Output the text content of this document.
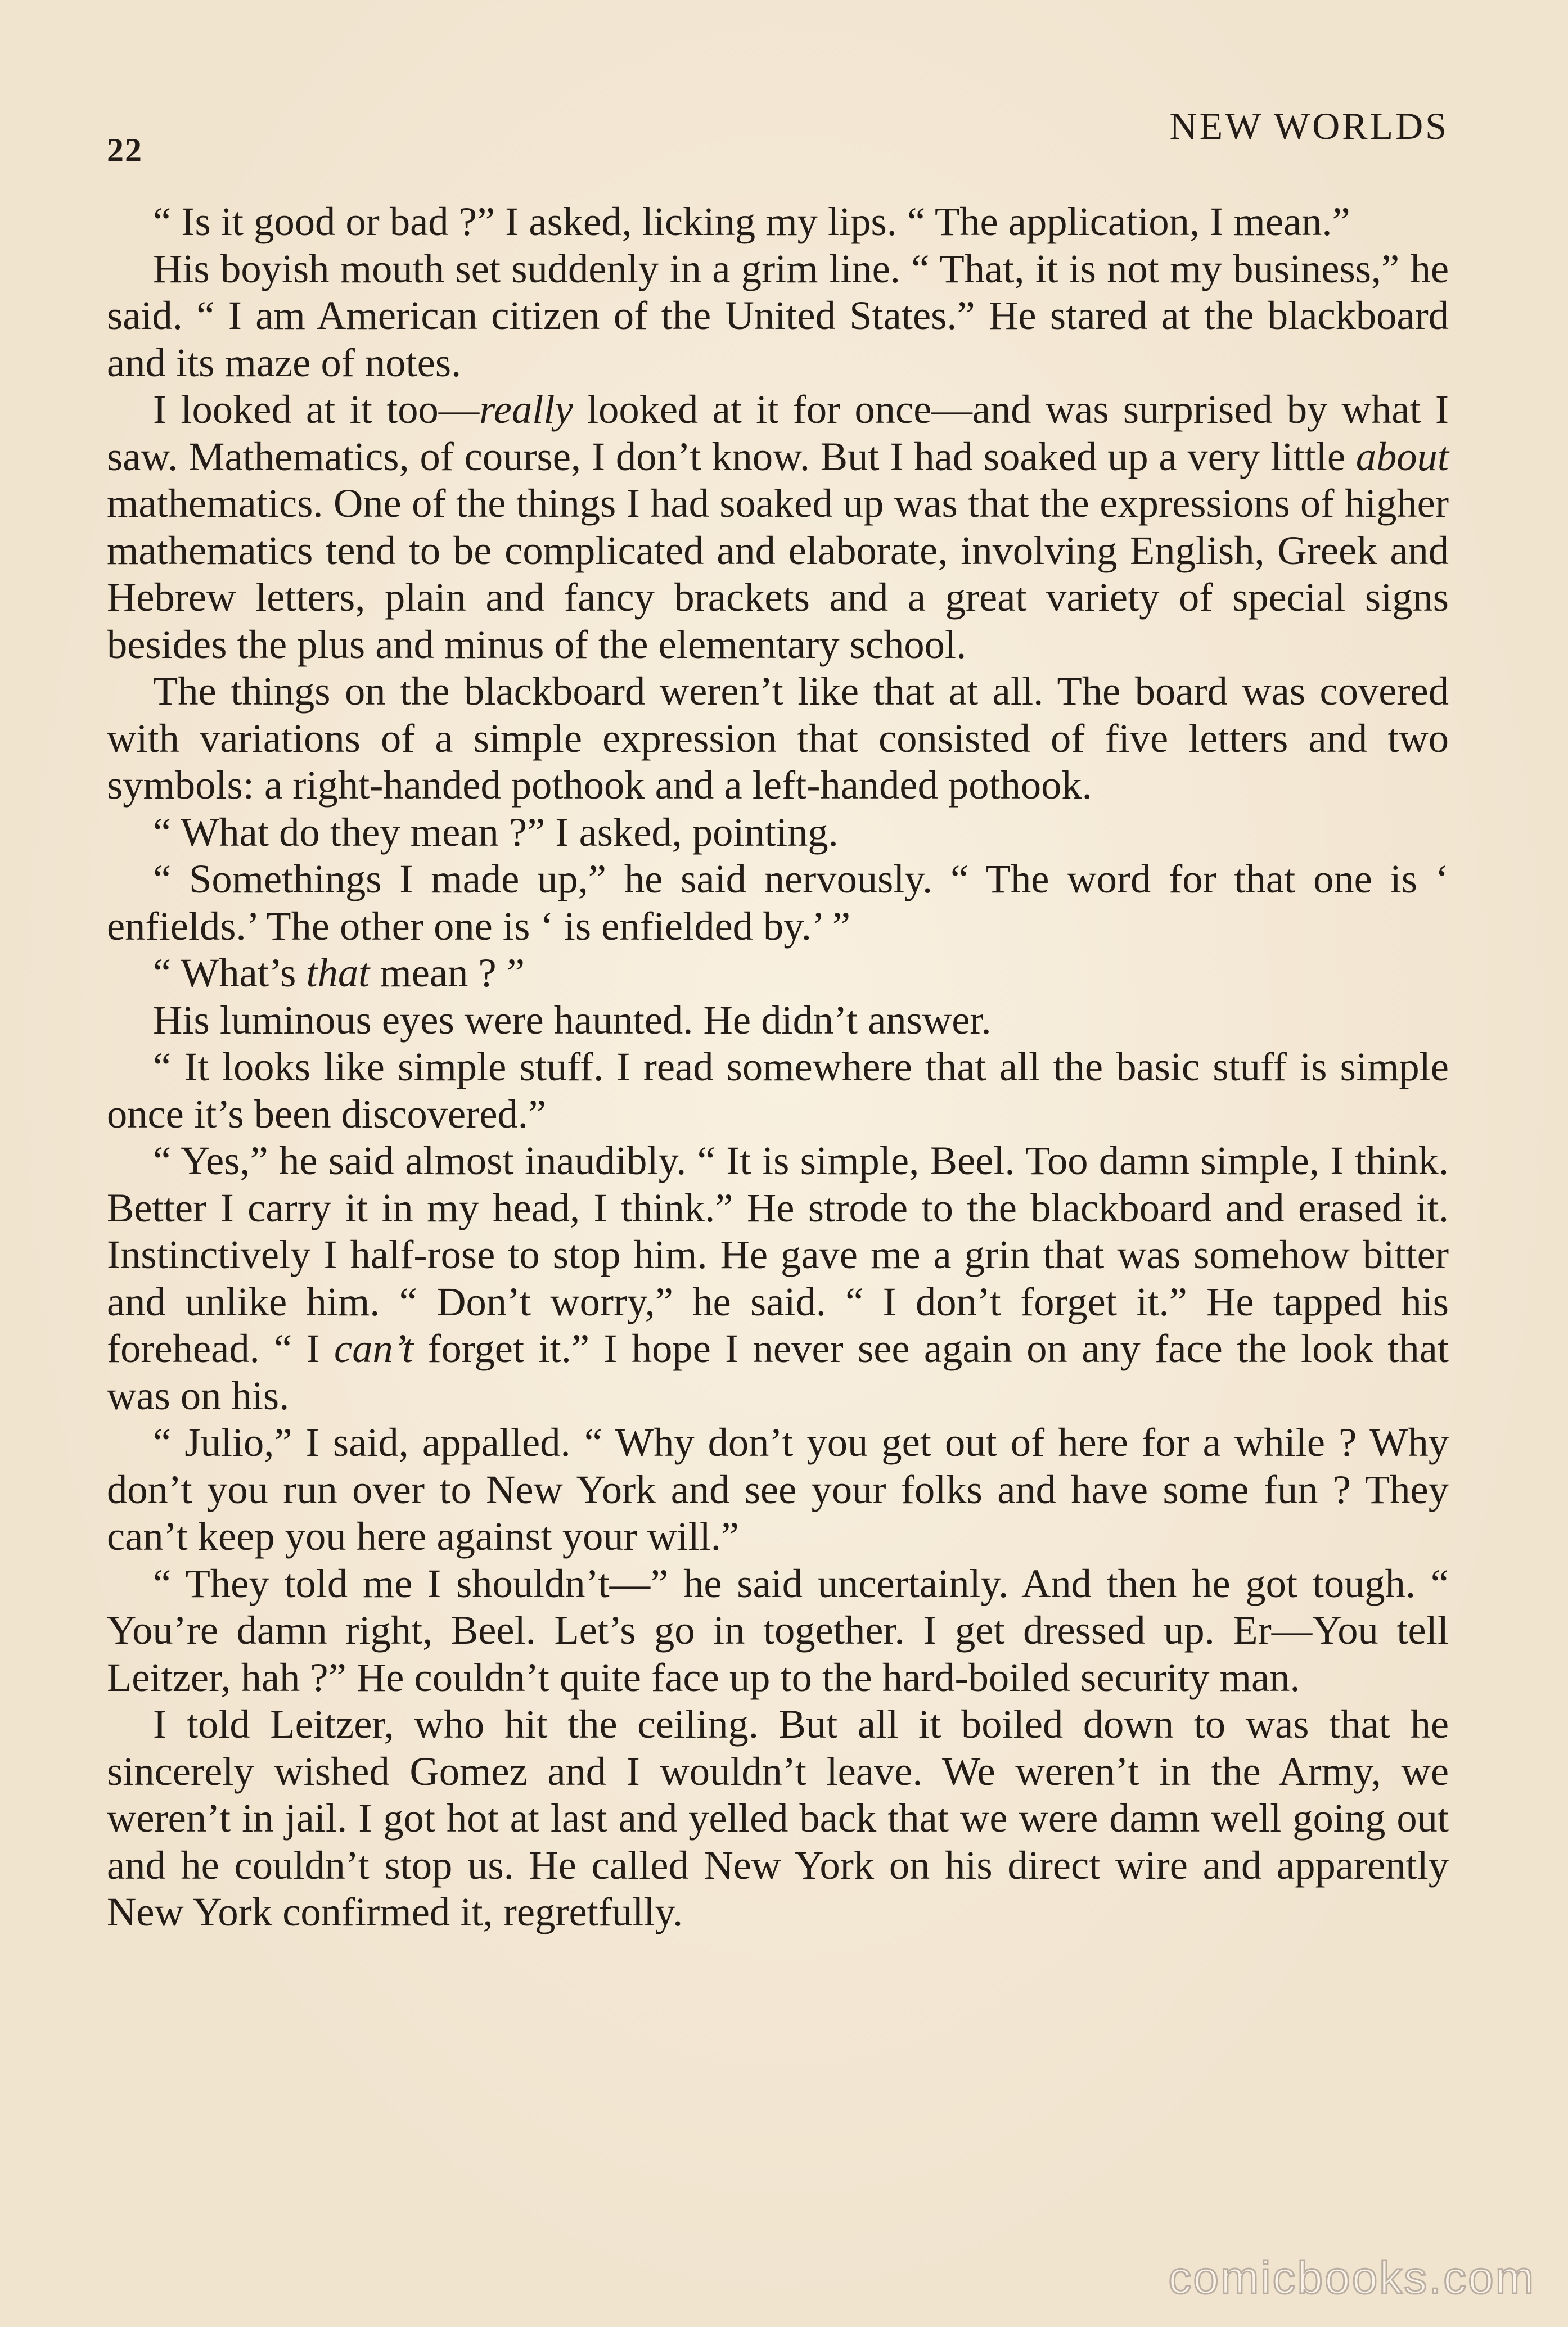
22
NEW WORLDS

“ Is it good or bad ?” I asked, licking my lips. “ The application, I mean.”

His boyish mouth set suddenly in a grim line. “ That, it is not my business,” he said. “ I am American citizen of the United States.” He stared at the blackboard and its maze of notes.

I looked at it too—really looked at it for once—and was surprised by what I saw. Mathematics, of course, I don’t know. But I had soaked up a very little about mathematics. One of the things I had soaked up was that the expressions of higher mathematics tend to be complicated and elaborate, involving English, Greek and Hebrew letters, plain and fancy brackets and a great variety of special signs besides the plus and minus of the elementary school.

The things on the blackboard weren’t like that at all. The board was covered with variations of a simple expression that consisted of five letters and two symbols: a right-handed pothook and a left-handed pothook.

“ What do they mean ?” I asked, pointing.

“ Somethings I made up,” he said nervously. “ The word for that one is ‘ enfields.’ The other one is ‘ is enfielded by.’ ”

“ What’s that mean ? ”

His luminous eyes were haunted. He didn’t answer.

“ It looks like simple stuff. I read somewhere that all the basic stuff is simple once it’s been discovered.”

“ Yes,” he said almost inaudibly. “ It is simple, Beel. Too damn simple, I think. Better I carry it in my head, I think.” He strode to the blackboard and erased it. Instinctively I half-rose to stop him. He gave me a grin that was somehow bitter and unlike him. “ Don’t worry,” he said. “ I don’t forget it.” He tapped his forehead. “ I can’t forget it.” I hope I never see again on any face the look that was on his.

“ Julio,” I said, appalled. “ Why don’t you get out of here for a while ? Why don’t you run over to New York and see your folks and have some fun ? They can’t keep you here against your will.”

“ They told me I shouldn’t—” he said uncertainly. And then he got tough. “ You’re damn right, Beel. Let’s go in together. I get dressed up. Er—You tell Leitzer, hah ?” He couldn’t quite face up to the hard-boiled security man.

I told Leitzer, who hit the ceiling. But all it boiled down to was that he sincerely wished Gomez and I wouldn’t leave. We weren’t in the Army, we weren’t in jail. I got hot at last and yelled back that we were damn well going out and he couldn’t stop us. He called New York on his direct wire and apparently New York confirmed it, regretfully.

comicbooks.com
